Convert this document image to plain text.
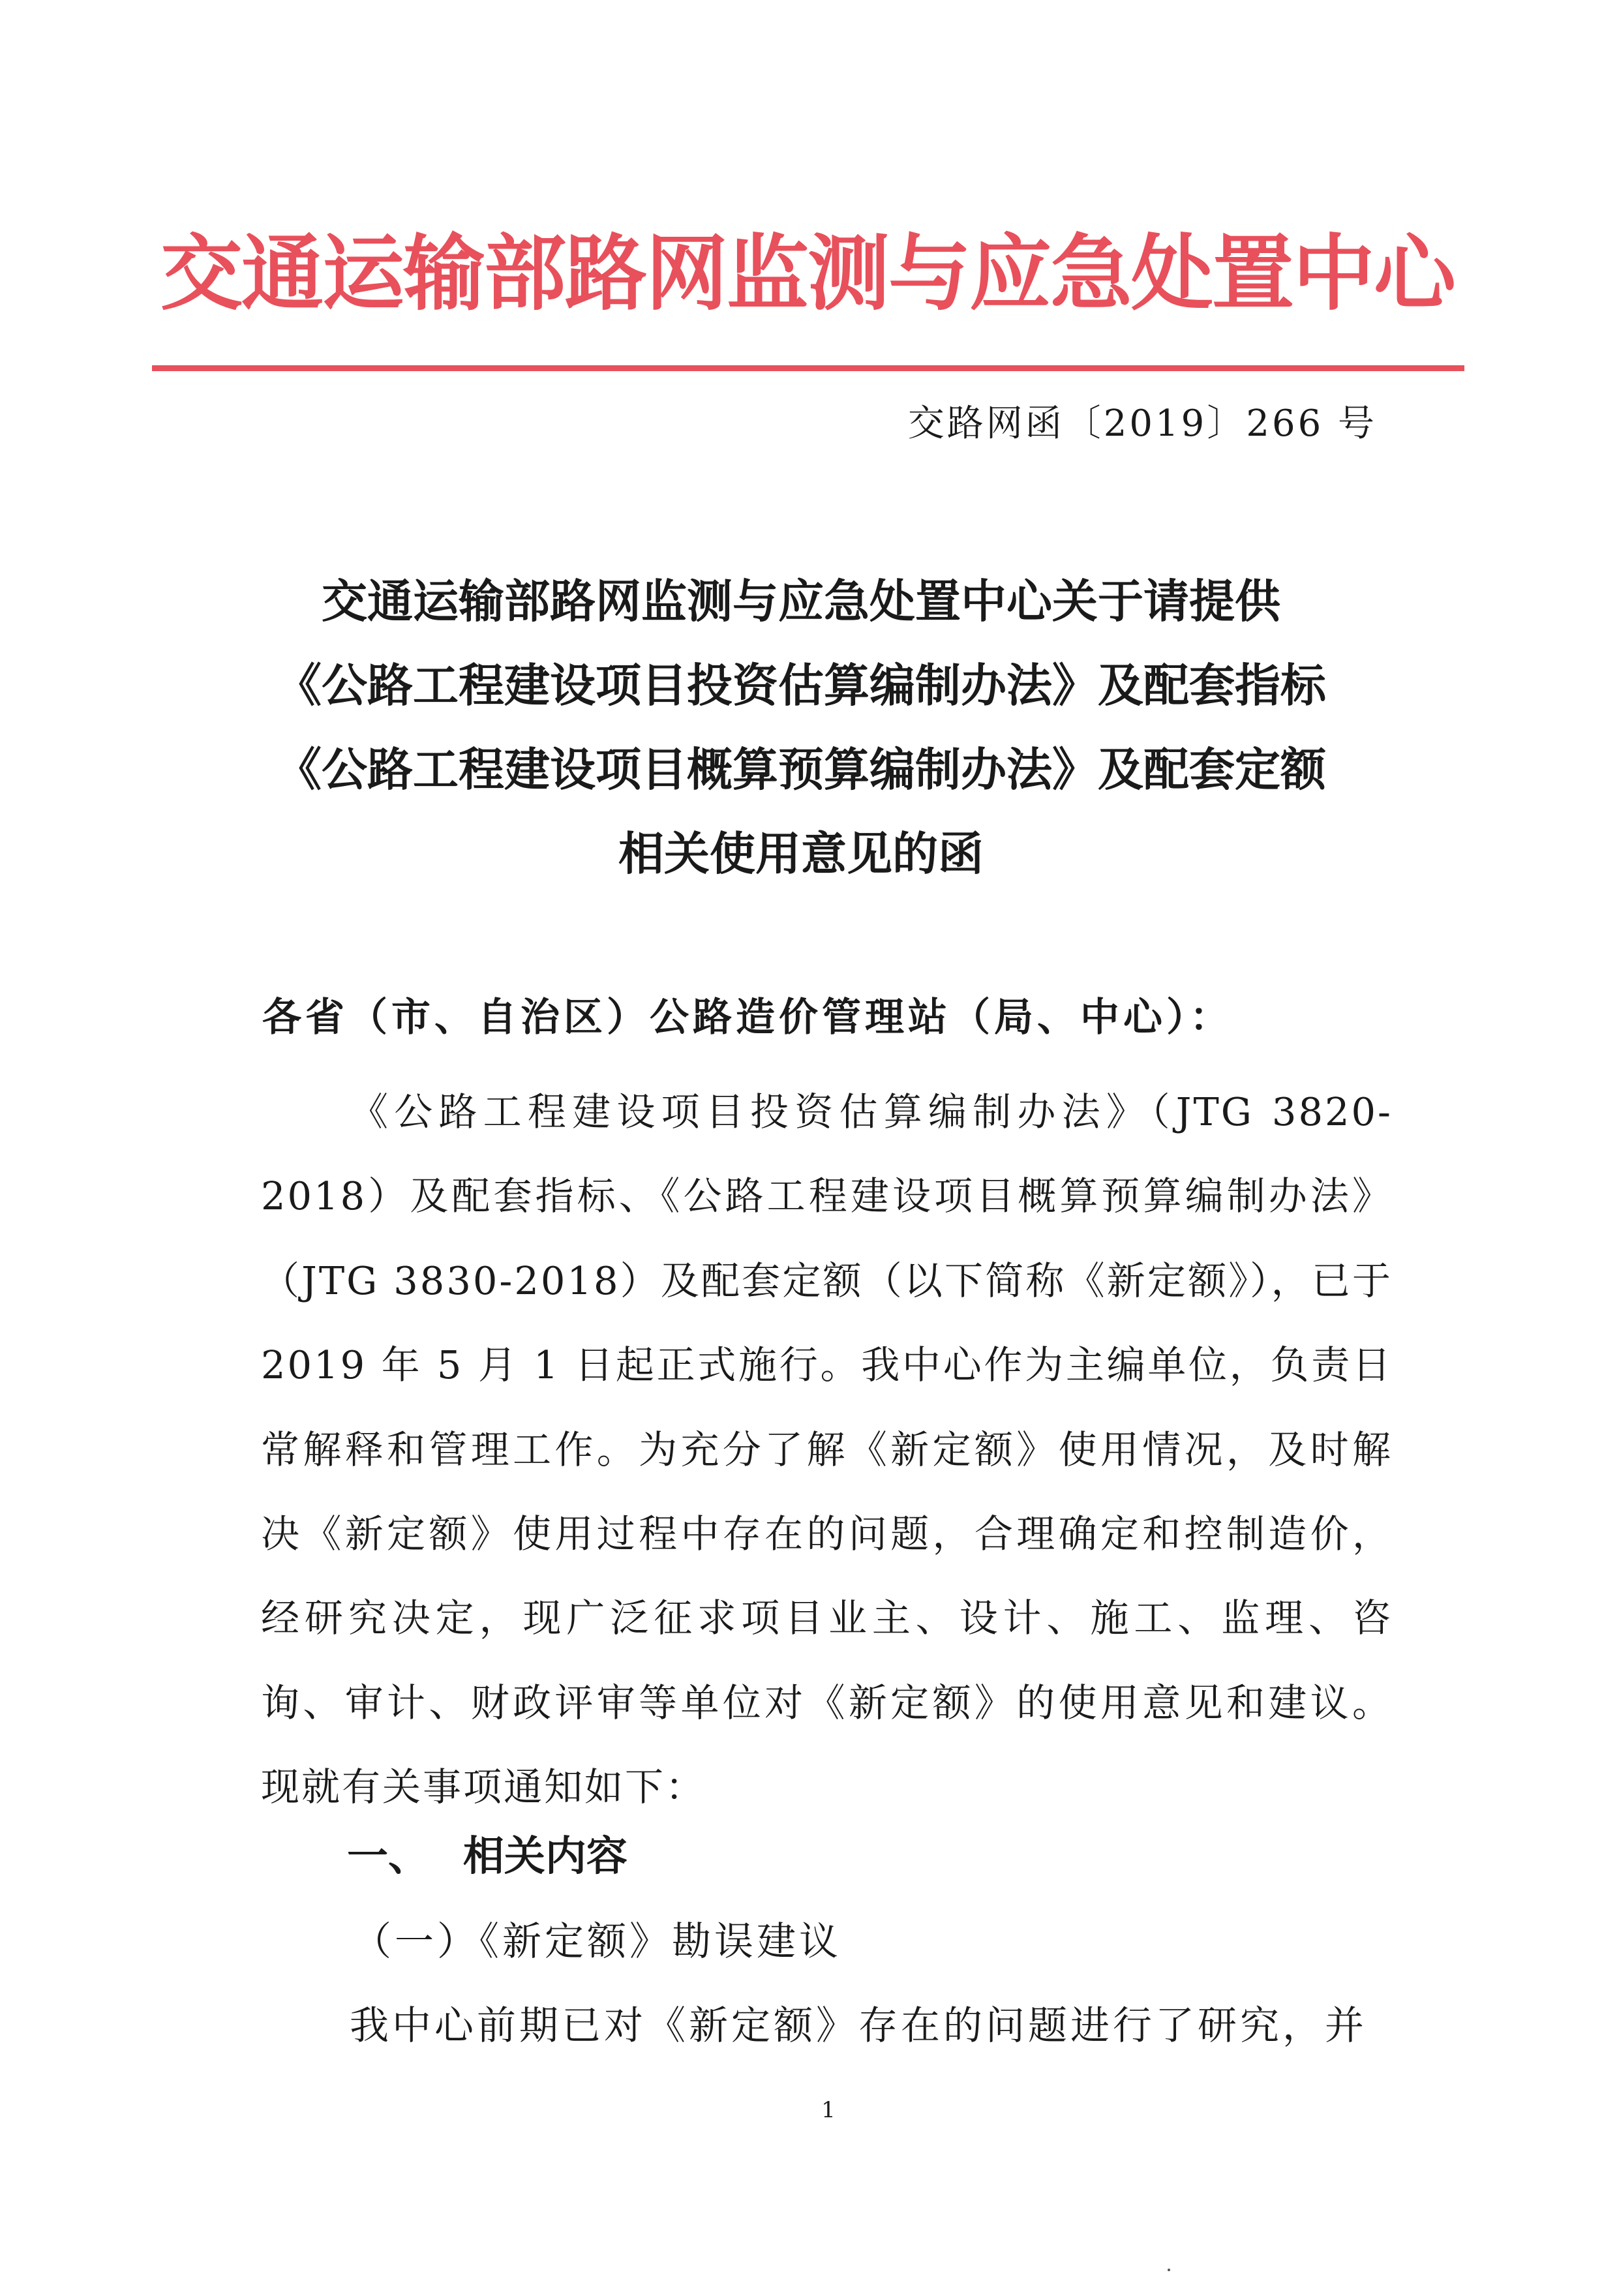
交通运输部路网监测与应急处置中心
交路网函〔2019〕266 号
交通运输部路网监测与应急处置中心关于请提供
《公路工程建设项目投资估算编制办法》及配套指标
《公路工程建设项目概算预算编制办法》及配套定额
相关使用意见的函
各省（市、自治区）公路造价管理站（局、中心）：
《公路工程建设项目投资估算编制办法》（JTG 3820-2018）及配套指标、《公路工程建设项目概算预算编制办法》（JTG 3830-2018）及配套定额（以下简称《新定额》），已于 2019 年 5 月 1 日起正式施行。我中心作为主编单位，负责日常解释和管理工作。为充分了解《新定额》使用情况，及时解决《新定额》使用过程中存在的问题，合理确定和控制造价，经研究决定，现广泛征求项目业主、设计、施工、监理、咨询、审计、财政评审等单位对《新定额》的使用意见和建议。现就有关事项通知如下：
一、 相关内容
（一）《新定额》勘误建议
我中心前期已对《新定额》存在的问题进行了研究，并
1
